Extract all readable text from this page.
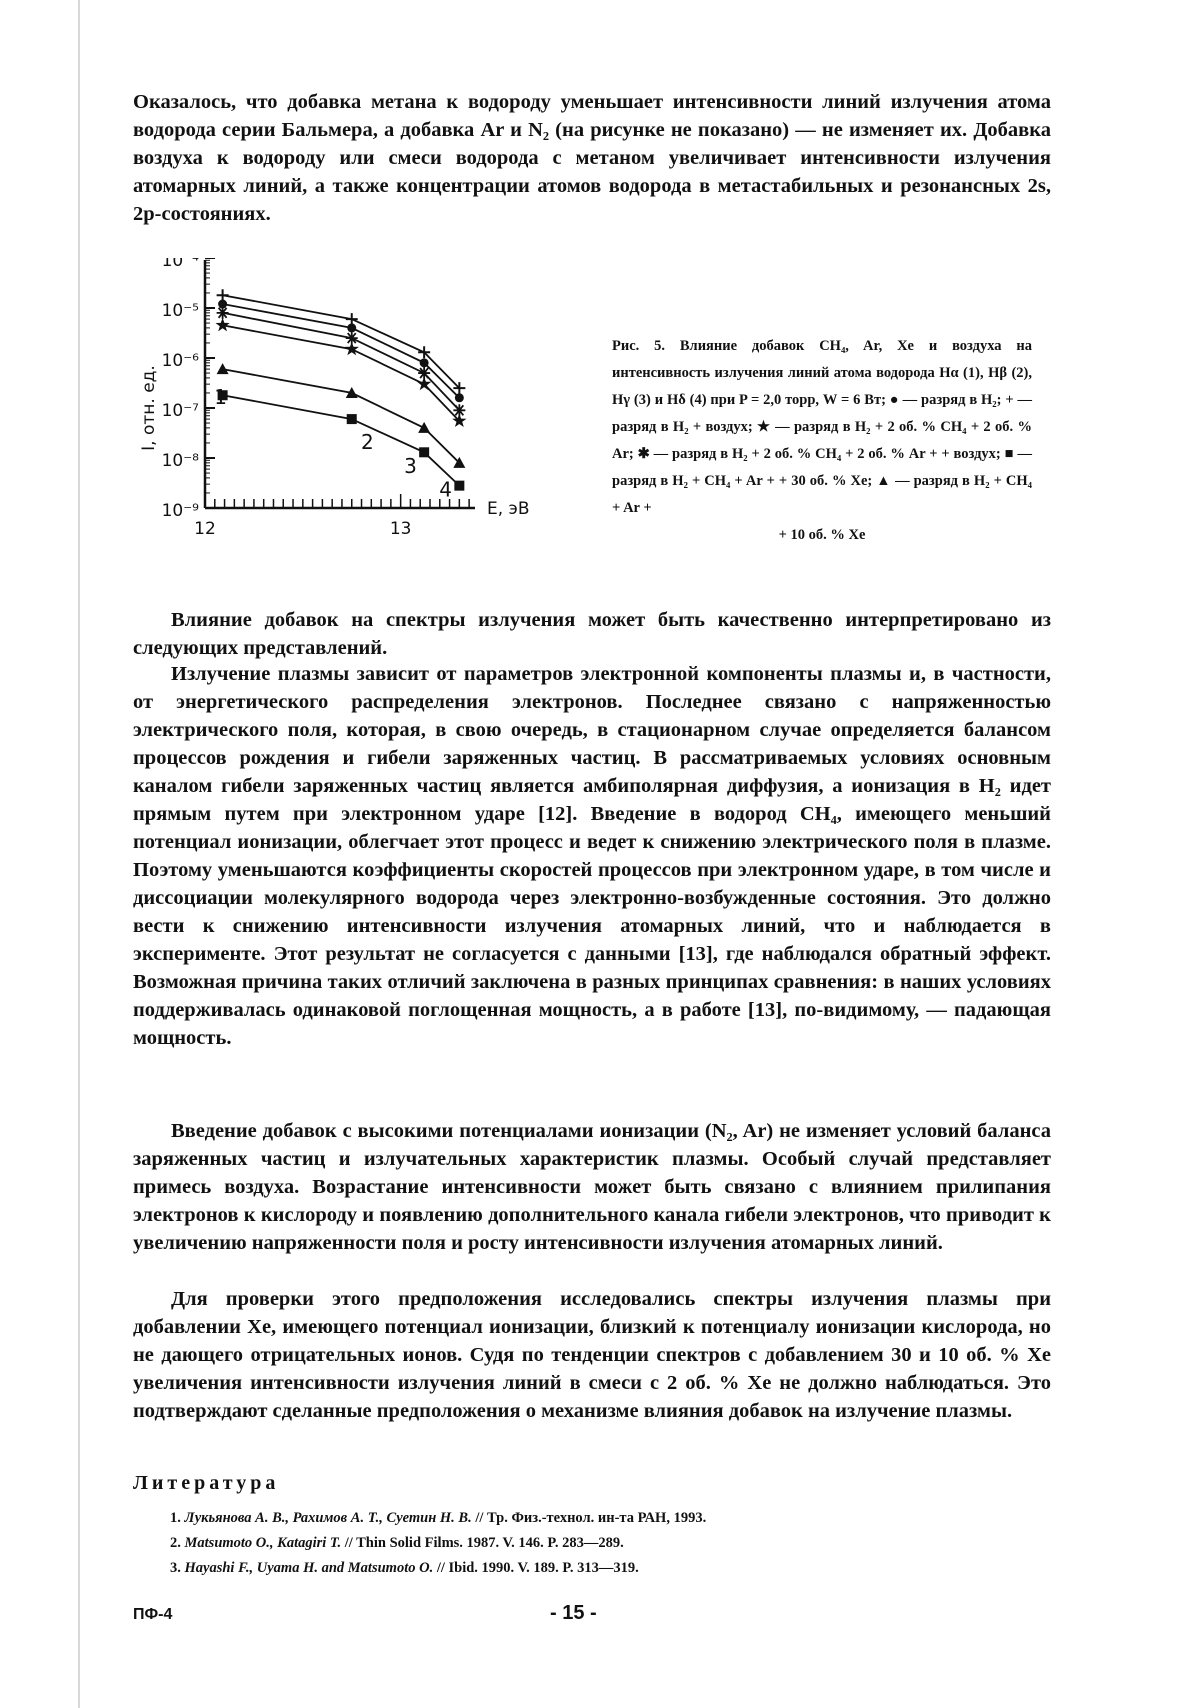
Оказалось, что добавка метана к водороду уменьшает интенсивности линий излучения атома водорода серии Бальмера, а добавка Ar и N₂ (на рисунке не показано) — не изменяет их. Добавка воздуха к водороду или смеси водорода с метаном увеличивает интенсивности излучения атомарных линий, а также концентрации атомов водорода в метастабильных и резонансных 2s, 2p-состояниях.

I, отн. ед.
10⁻⁹
10⁻⁸
10⁻⁷
10⁻⁶
10⁻⁵
10⁻⁴
12	13
E, эВ
1
2
3
4

Рис. 5. Влияние добавок CH₄, Ar, Xe и воздуха на интенсивность излучения линий атома водорода Hα (1), Hβ (2), Hγ (3) и Hδ (4) при P = 2,0 торр, W = 6 Вт; ● — разряд в H₂; + — разряд в H₂ + воздух; ★ — разряд в H₂ + 2 об. % CH₄ + 2 об. % Ar; ✱ — разряд в H₂ + 2 об. % CH₄ + 2 об. % Ar + + воздух; ■ — разряд в H₂ + CH₄ + Ar + + 30 об. % Xe; ▲ — разряд в H₂ + CH₄ + Ar +
+ 10 об. % Xe

Влияние добавок на спектры излучения может быть качественно интерпретировано из следующих представлений.

Излучение плазмы зависит от параметров электронной компоненты плазмы и, в частности, от энергетического распределения электронов. Последнее связано с напряженностью электрического поля, которая, в свою очередь, в стационарном случае определяется балансом процессов рождения и гибели заряженных частиц. В рассматриваемых условиях основным каналом гибели заряженных частиц является амбиполярная диффузия, а ионизация в H₂ идет прямым путем при электронном ударе [12]. Введение в водород CH₄, имеющего меньший потенциал ионизации, облегчает этот процесс и ведет к снижению электрического поля в плазме. Поэтому уменьшаются коэффициенты скоростей процессов при электронном ударе, в том числе и диссоциации молекулярного водорода через электронно-возбужденные состояния. Это должно вести к снижению интенсивности излучения атомарных линий, что и наблюдается в эксперименте. Этот результат не согласуется с данными [13], где наблюдался обратный эффект. Возможная причина таких отличий заключена в разных принципах сравнения: в наших условиях поддерживалась одинаковой поглощенная мощность, а в работе [13], по-видимому, — падающая мощность.

Введение добавок с высокими потенциалами ионизации (N₂, Ar) не изменяет условий баланса заряженных частиц и излучательных характеристик плазмы. Особый случай представляет примесь воздуха. Возрастание интенсивности может быть связано с влиянием прилипания электронов к кислороду и появлению дополнительного канала гибели электронов, что приводит к увеличению напряженности поля и росту интенсивности излучения атомарных линий.

Для проверки этого предположения исследовались спектры излучения плазмы при добавлении Xe, имеющего потенциал ионизации, близкий к потенциалу ионизации кислорода, но не дающего отрицательных ионов. Судя по тенденции спектров с добавлением 30 и 10 об. % Xe увеличения интенсивности излучения линий в смеси с 2 об. % Xe не должно наблюдаться. Это подтверждают сделанные предположения о механизме влияния добавок на излучение плазмы.

Литература
1. Лукьянова А. В., Рахимов А. Т., Суетин Н. В. // Тр. Физ.-технол. ин-та РАН, 1993.
2. Matsumoto O., Katagiri T. // Thin Solid Films. 1987. V. 146. P. 283—289.
3. Hayashi F., Uyama H. and Matsumoto O. // Ibid. 1990. V. 189. P. 313—319.
ПФ-4	- 15 -
